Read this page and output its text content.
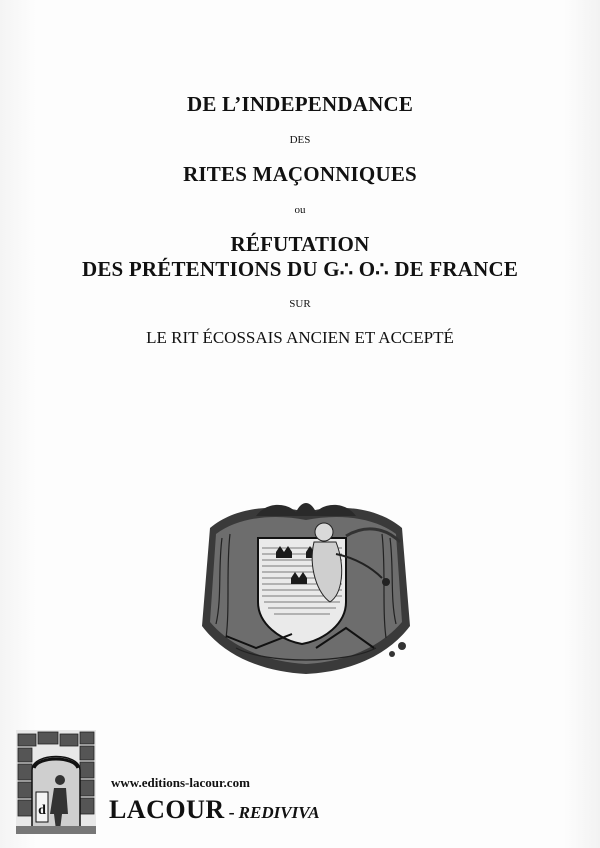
DE L’INDEPENDANCE
DES
RITES MAÇONNIQUES
ou
RÉFUTATION
DES PRÉTENTIONS DU G∴ O∴ DE FRANCE
SUR
LE RIT ÉCOSSAIS ANCIEN ET ACCEPTÉ
d
www.editions-lacour.com
LACOUR - REDIVIVA
